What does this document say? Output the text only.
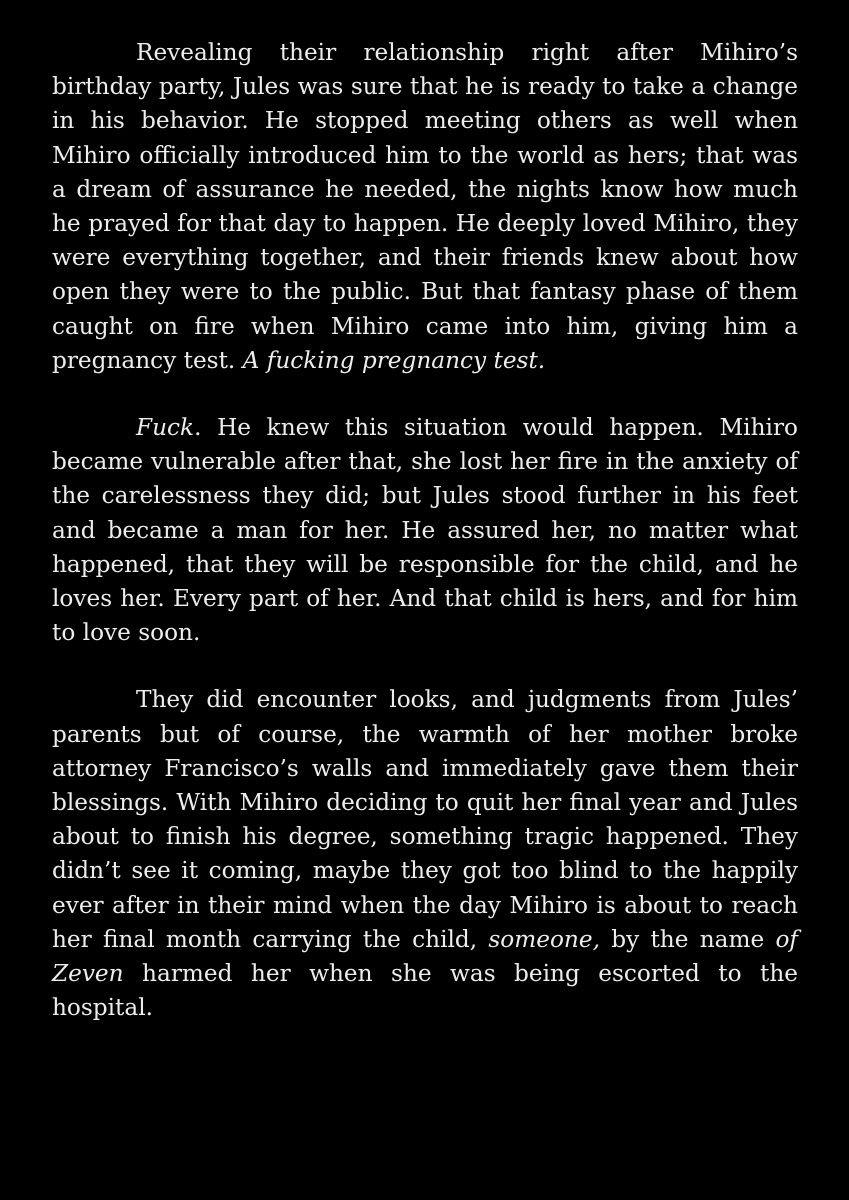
Revealing their relationship right after Mihiro’s birthday party, Jules was sure that he is ready to take a change in his behavior. He stopped meeting others as well when Mihiro officially introduced him to the world as hers; that was a dream of assurance he needed, the nights know how much he prayed for that day to happen. He deeply loved Mihiro, they were everything together, and their friends knew about how open they were to the public. But that fantasy phase of them caught on fire when Mihiro came into him, giving him a pregnancy test. A fucking pregnancy test.

Fuck. He knew this situation would happen. Mihiro became vulnerable after that, she lost her fire in the anxiety of the carelessness they did; but Jules stood further in his feet and became a man for her. He assured her, no matter what happened, that they will be responsible for the child, and he loves her. Every part of her. And that child is hers, and for him to love soon.

They did encounter looks, and judgments from Jules’ parents but of course, the warmth of her mother broke attorney Francisco’s walls and immediately gave them their blessings. With Mihiro deciding to quit her final year and Jules about to finish his degree, something tragic happened. They didn’t see it coming, maybe they got too blind to the happily ever after in their mind when the day Mihiro is about to reach her final month carrying the child, someone, by the name of Zeven harmed her when she was being escorted to the hospital.
